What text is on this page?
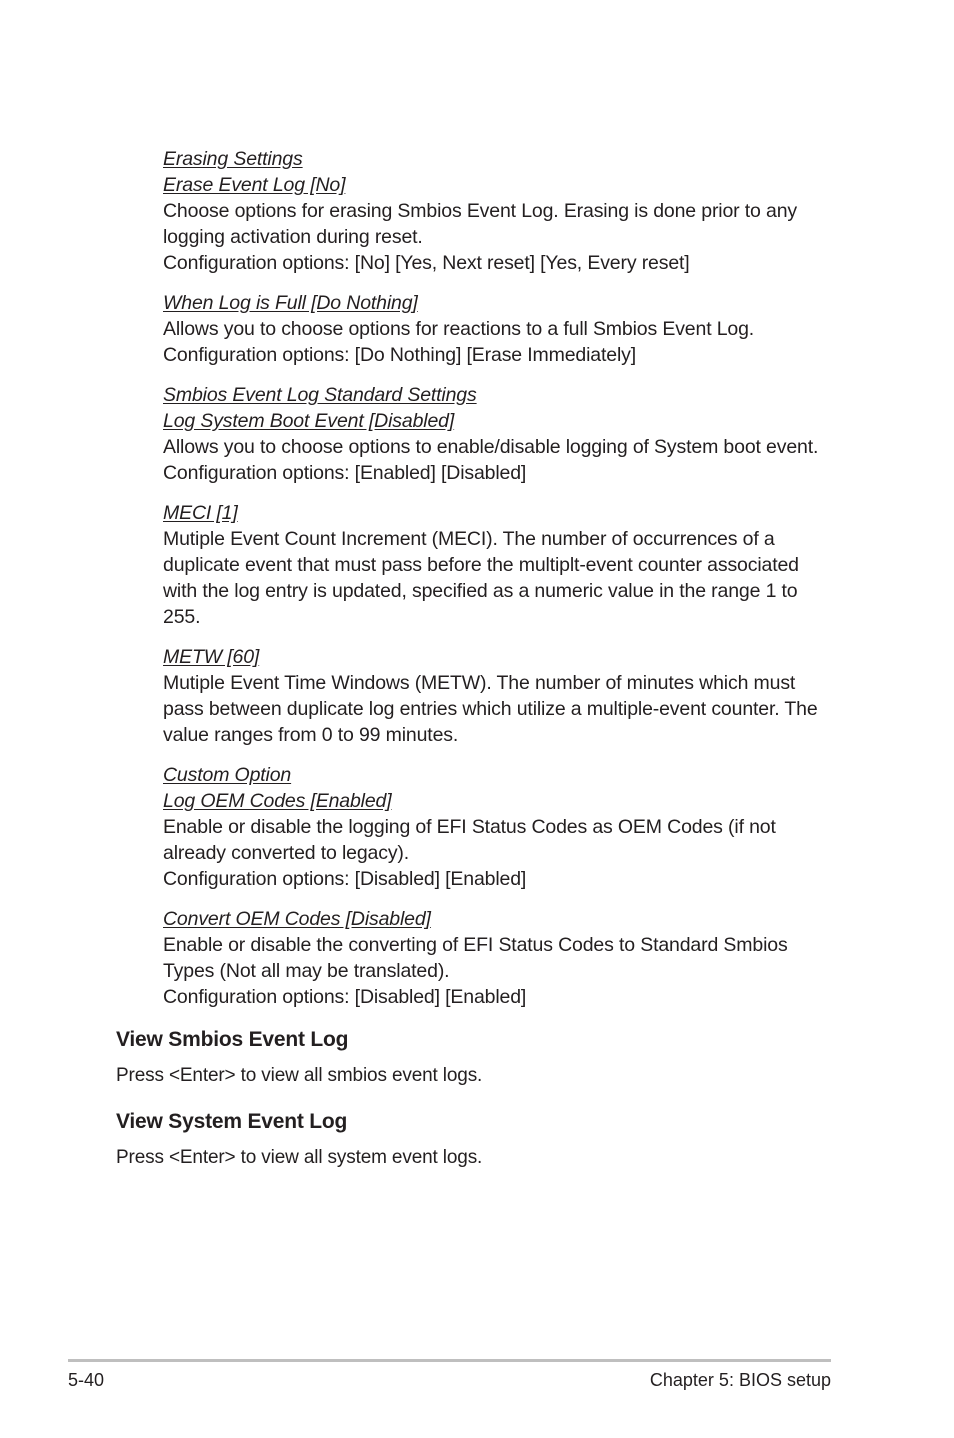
Erasing Settings

Erase Event Log [No]

Choose options for erasing Smbios Event Log. Erasing is done prior to any

logging activation during reset.

Configuration options: [No] [Yes, Next reset] [Yes, Every reset]

When Log is Full [Do Nothing]

Allows you to choose options for reactions to a full Smbios Event Log.

Configuration options: [Do Nothing] [Erase Immediately]

Smbios Event Log Standard Settings

Log System Boot Event [Disabled]

Allows you to choose options to enable/disable logging of System boot event.

Configuration options: [Enabled] [Disabled]

MECI [1]

Mutiple Event Count Increment (MECI). The number of occurrences of a

duplicate event that must pass before the multiplt-event counter associated

with the log entry is updated, specified as a numeric value in the range 1 to

255.

METW [60]

Mutiple Event Time Windows (METW). The number of minutes which must

pass between duplicate log entries which utilize a multiple-event counter. The

value ranges from 0 to 99 minutes.

Custom Option

Log OEM Codes [Enabled]

Enable or disable the logging of EFI Status Codes as OEM Codes (if not

already converted to legacy).

Configuration options: [Disabled] [Enabled]

Convert OEM Codes [Disabled]

Enable or disable the converting of EFI Status Codes to Standard Smbios

Types (Not all may be translated).

Configuration options: [Disabled] [Enabled]

View Smbios Event Log

Press <Enter> to view all smbios event logs.

View System Event Log

Press <Enter> to view all system event logs.

5-40	Chapter 5: BIOS setup
